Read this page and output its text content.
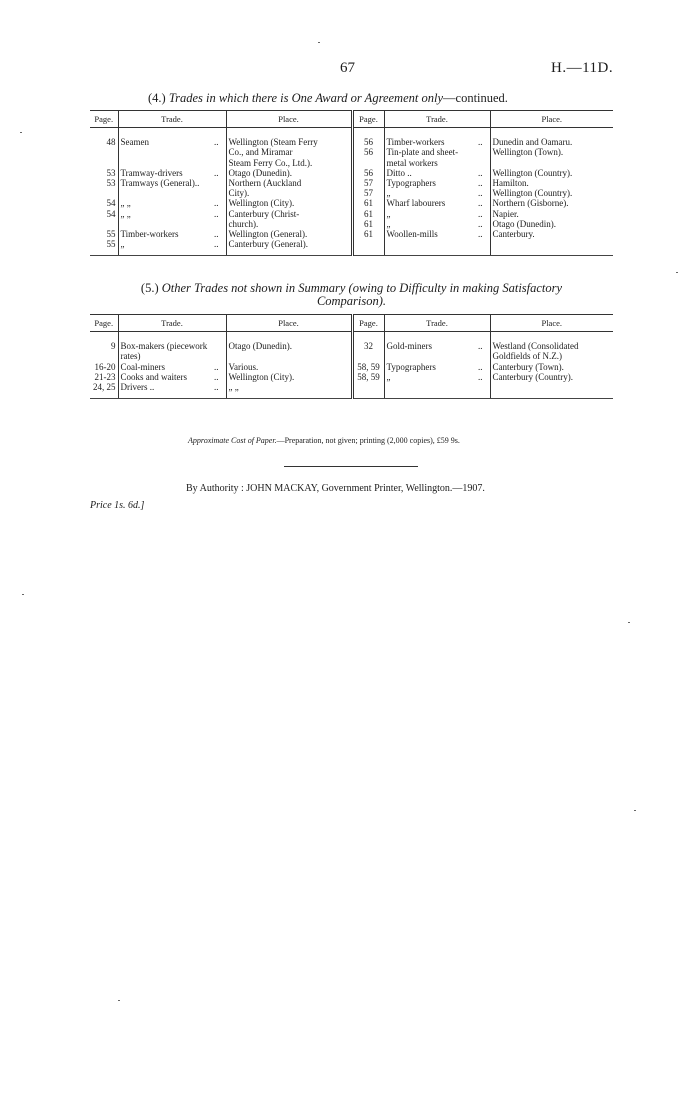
67	H.—11D.
(4.) Trades in which there is One Award or Agreement only—continued.
Page.	Trade.		Place.	Page.	Trade.		Place.
48	Seamen	..	Wellington (Steam Ferry	56	Timber-workers	..	Dunedin and Oamaru.
			Co., and Miramar	56	Tin-plate and sheet-		Wellington (Town).
			Steam Ferry Co., Ltd.).		metal workers		
53	Tramway-drivers	..	Otago (Dunedin).	56	Ditto ..	..	Wellington (Country).
53	Tramways (General)..		Northern (Auckland	57	Typographers	..	Hamilton.
			City).	57	„	..	Wellington (Country).
54	„ „	..	Wellington (City).	61	Wharf labourers	..	Northern (Gisborne).
54	„ „	..	Canterbury (Christ-	61	„	..	Napier.
			church).	61	„	..	Otago (Dunedin).
55	Timber-workers	..	Wellington (General).	61	Woollen-mills	..	Canterbury.
55	„	..	Canterbury (General).				
(5.) Other Trades not shown in Summary (owing to Difficulty in making Satisfactory
Comparison).
Page.	Trade.		Place.	Page.	Trade.		Place.
9	Box-makers (piecework		Otago (Dunedin).	32	Gold-miners	..	Westland (Consolidated
	rates)						Goldfields of N.Z.)
16-20	Coal-miners	..	Various.	58, 59	Typographers	..	Canterbury (Town).
21-23	Cooks and waiters	..	Wellington (City).	58, 59	„	..	Canterbury (Country).
24, 25	Drivers ..	..	„ „				
Approximate Cost of Paper.—Preparation, not given; printing (2,000 copies), £59 9s.
By Authority : JOHN MACKAY, Government Printer, Wellington.—1907.
Price 1s. 6d.]
